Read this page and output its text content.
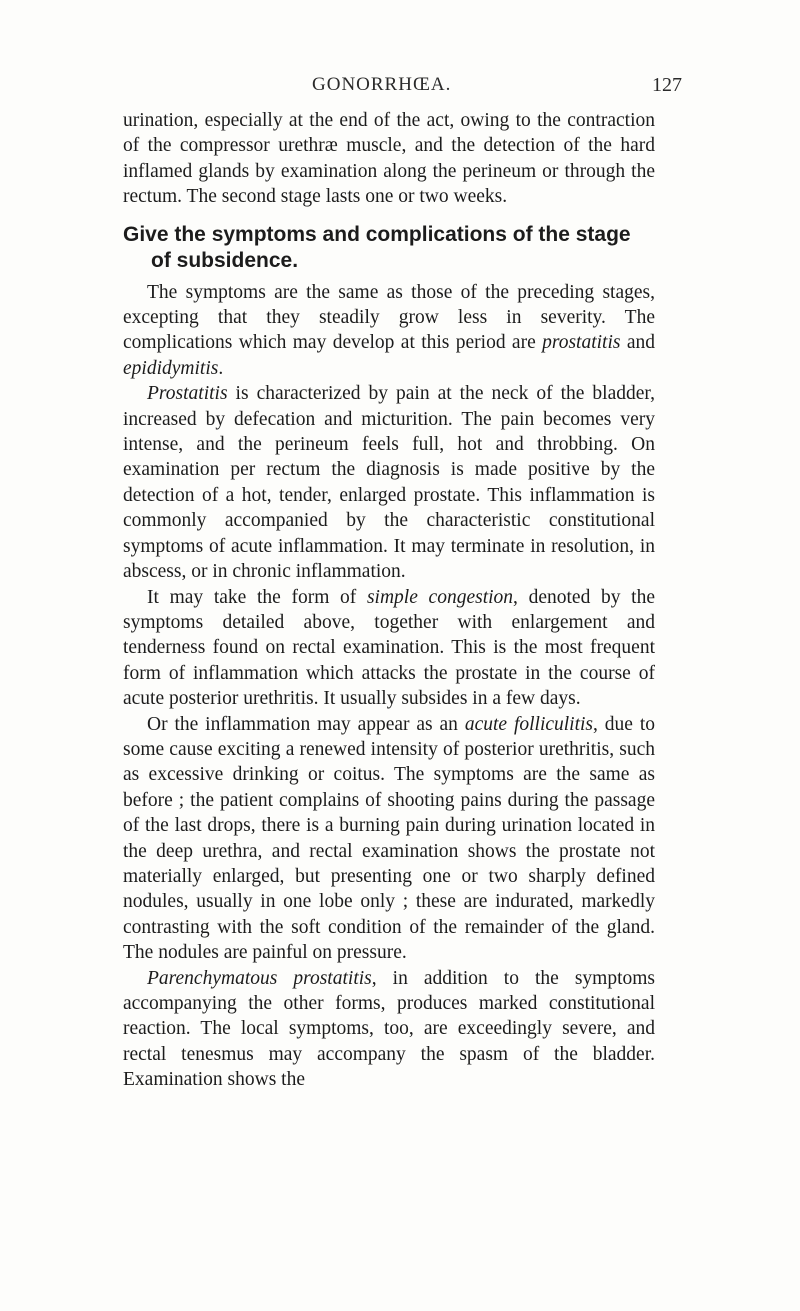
GONORRHŒA.	127

urination, especially at the end of the act, owing to the contraction of the compressor urethræ muscle, and the detection of the hard inflamed glands by examination along the perineum or through the rectum. The second stage lasts one or two weeks.

Give the symptoms and complications of the stage of subsidence.

The symptoms are the same as those of the preceding stages, excepting that they steadily grow less in severity. The complications which may develop at this period are prostatitis and epididymitis.

Prostatitis is characterized by pain at the neck of the bladder, increased by defecation and micturition. The pain becomes very intense, and the perineum feels full, hot and throbbing. On examination per rectum the diagnosis is made positive by the detection of a hot, tender, enlarged prostate. This inflammation is commonly accompanied by the characteristic constitutional symptoms of acute inflammation. It may terminate in resolution, in abscess, or in chronic inflammation.

It may take the form of simple congestion, denoted by the symptoms detailed above, together with enlargement and tenderness found on rectal examination. This is the most frequent form of inflammation which attacks the prostate in the course of acute posterior urethritis. It usually subsides in a few days.

Or the inflammation may appear as an acute folliculitis, due to some cause exciting a renewed intensity of posterior urethritis, such as excessive drinking or coitus. The symptoms are the same as before ; the patient complains of shooting pains during the passage of the last drops, there is a burning pain during urination located in the deep urethra, and rectal examination shows the prostate not materially enlarged, but presenting one or two sharply defined nodules, usually in one lobe only ; these are indurated, markedly contrasting with the soft condition of the remainder of the gland. The nodules are painful on pressure.

Parenchymatous prostatitis, in addition to the symptoms accompanying the other forms, produces marked constitutional reaction. The local symptoms, too, are exceedingly severe, and rectal tenesmus may accompany the spasm of the bladder. Examination shows the
